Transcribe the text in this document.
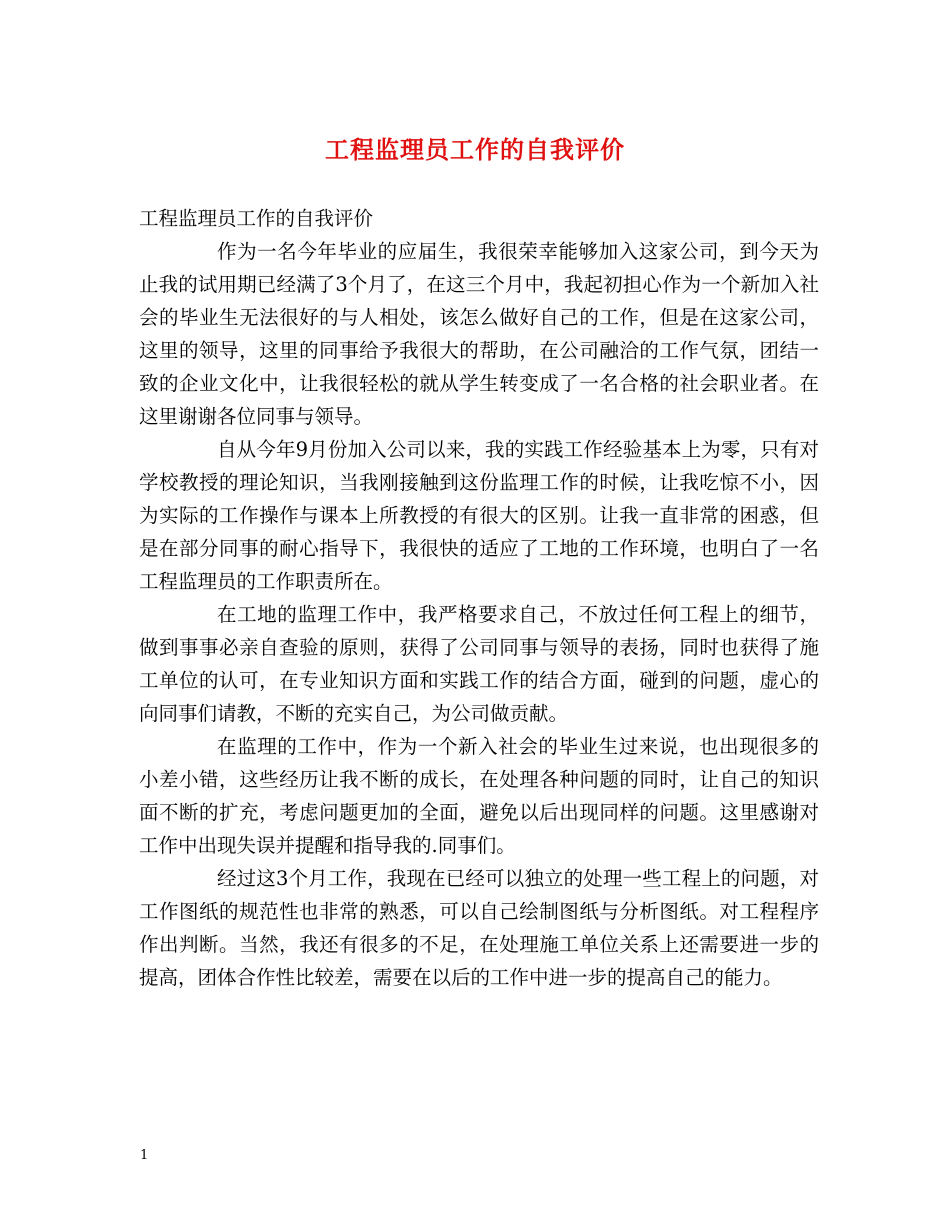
工程监理员工作的自我评价

工程监理员工作的自我评价

作为一名今年毕业的应届生，我很荣幸能够加入这家公司，到今天为止我的试用期已经满了3个月了，在这三个月中，我起初担心作为一个新加入社会的毕业生无法很好的与人相处，该怎么做好自己的工作，但是在这家公司，这里的领导，这里的同事给予我很大的帮助，在公司融洽的工作气氛，团结一致的企业文化中，让我很轻松的就从学生转变成了一名合格的社会职业者。在这里谢谢各位同事与领导。

自从今年9月份加入公司以来，我的实践工作经验基本上为零，只有对学校教授的理论知识，当我刚接触到这份监理工作的时候，让我吃惊不小，因为实际的工作操作与课本上所教授的有很大的区别。让我一直非常的困惑，但是在部分同事的耐心指导下，我很快的适应了工地的工作环境，也明白了一名工程监理员的工作职责所在。

在工地的监理工作中，我严格要求自己，不放过任何工程上的细节，做到事事必亲自查验的原则，获得了公司同事与领导的表扬，同时也获得了施工单位的认可，在专业知识方面和实践工作的结合方面，碰到的问题，虚心的向同事们请教，不断的充实自己，为公司做贡献。

在监理的工作中，作为一个新入社会的毕业生过来说，也出现很多的小差小错，这些经历让我不断的成长，在处理各种问题的同时，让自己的知识面不断的扩充，考虑问题更加的全面，避免以后出现同样的问题。这里感谢对工作中出现失误并提醒和指导我的.同事们。

经过这3个月工作，我现在已经可以独立的处理一些工程上的问题，对工作图纸的规范性也非常的熟悉，可以自己绘制图纸与分析图纸。对工程程序作出判断。当然，我还有很多的不足，在处理施工单位关系上还需要进一步的提高，团体合作性比较差，需要在以后的工作中进一步的提高自己的能力。

1
